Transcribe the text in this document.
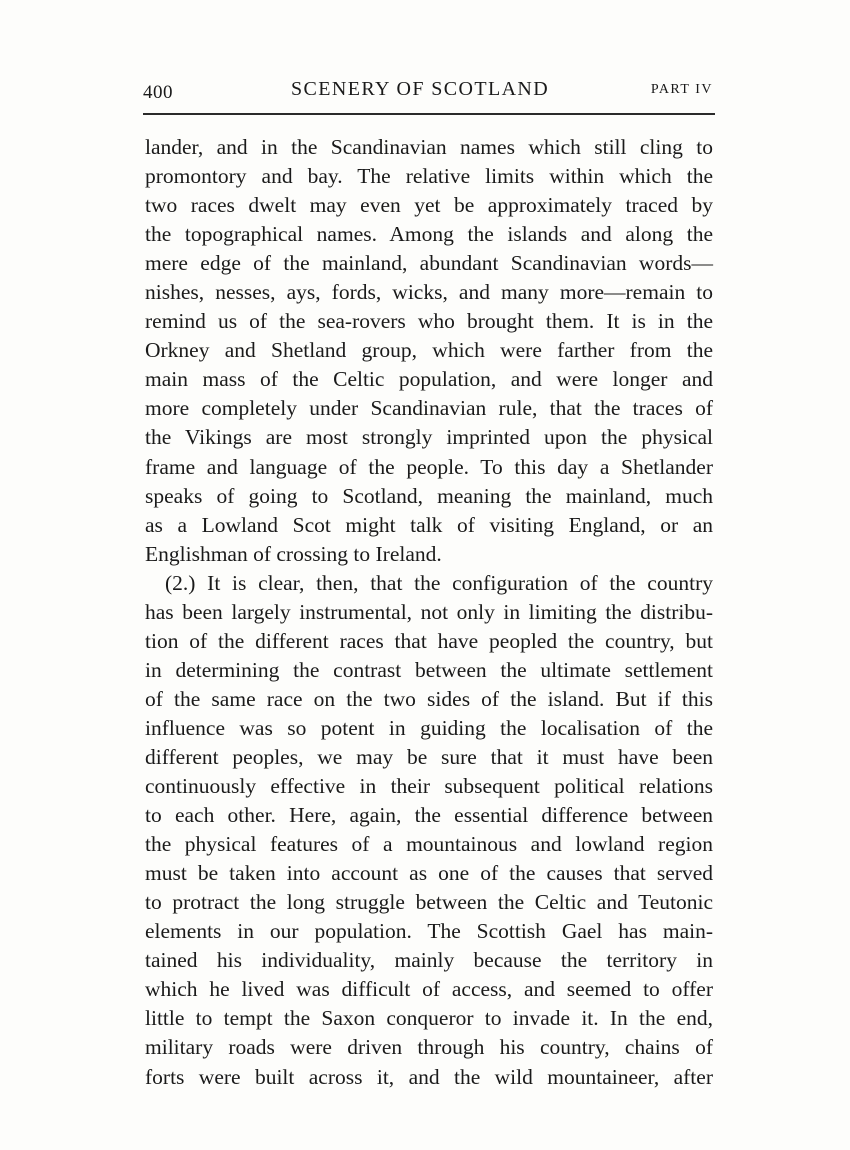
400	SCENERY OF SCOTLAND	PART IV
lander, and in the Scandinavian names which still cling to
promontory and bay. The relative limits within which the
two races dwelt may even yet be approximately traced by
the topographical names. Among the islands and along the
mere edge of the mainland, abundant Scandinavian words—
nishes, nesses, ays, fords, wicks, and many more—remain to
remind us of the sea-rovers who brought them. It is in the
Orkney and Shetland group, which were farther from the
main mass of the Celtic population, and were longer and
more completely under Scandinavian rule, that the traces of
the Vikings are most strongly imprinted upon the physical
frame and language of the people. To this day a Shetlander
speaks of going to Scotland, meaning the mainland, much
as a Lowland Scot might talk of visiting England, or an
Englishman of crossing to Ireland.
(2.) It is clear, then, that the configuration of the country
has been largely instrumental, not only in limiting the distribu-
tion of the different races that have peopled the country, but
in determining the contrast between the ultimate settlement
of the same race on the two sides of the island. But if this
influence was so potent in guiding the localisation of the
different peoples, we may be sure that it must have been
continuously effective in their subsequent political relations
to each other. Here, again, the essential difference between
the physical features of a mountainous and lowland region
must be taken into account as one of the causes that served
to protract the long struggle between the Celtic and Teutonic
elements in our population. The Scottish Gael has main-
tained his individuality, mainly because the territory in
which he lived was difficult of access, and seemed to offer
little to tempt the Saxon conqueror to invade it. In the end,
military roads were driven through his country, chains of
forts were built across it, and the wild mountaineer, after
